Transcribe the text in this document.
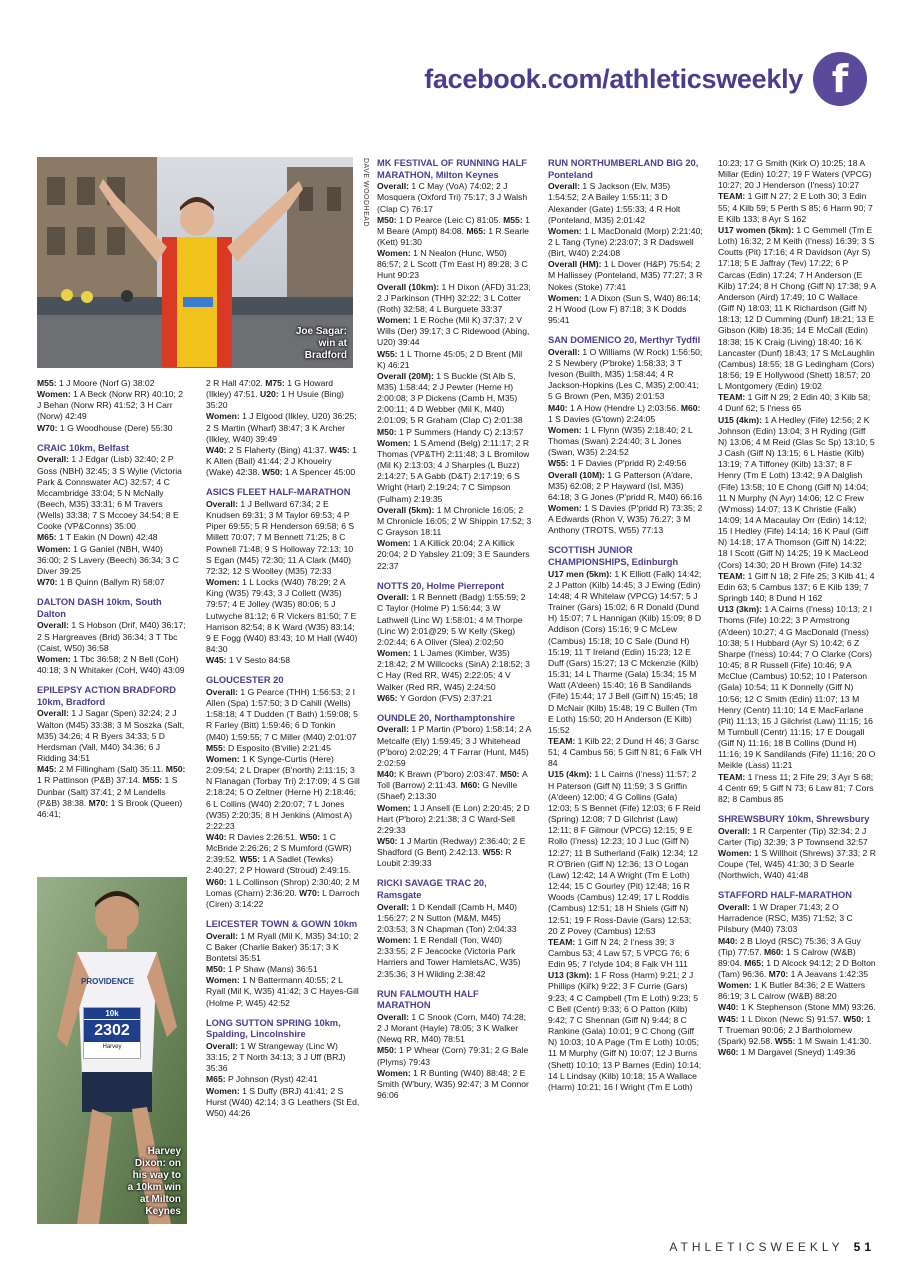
facebook.com/athleticsweekly f
Joe Sagar:
win at
Bradford
DAVE WOODHEAD
PROVIDENCE
10k
2302
Harvey
Harvey
Dixon: on
his way to
a 10km win
at Milton
Keynes

M55: 1 J Moore (Norf G) 38:02

Women: 1 A Beck (Norw RR) 40:10; 2 J Behan (Norw RR) 41:52; 3 H Carr (Norw) 42:49

W70: 1 G Woodhouse (Dere) 55:30

CRAIC 10km, Belfast

Overall: 1 J Edgar (Lisb) 32:40; 2 P Goss (NBH) 32:45; 3 S Wylie (Victoria Park & Connswater AC) 32:57; 4 C Mccambridge 33:04; 5 N McNally (Beech, M35) 33:31; 6 M Travers (Wells) 33:38; 7 S Mccoey 34:54; 8 E Cooke (VP&Conns) 35:00

M65: 1 T Eakin (N Down) 42:48

Women: 1 G Ganiel (NBH, W40) 36:00; 2 S Lavery (Beech) 36:34; 3 C Diver 39:25

W70: 1 B Quinn (Ballym R) 58:07

DALTON DASH 10km, South Dalton

Overall: 1 S Hobson (Drif, M40) 36:17; 2 S Hargreaves (Brid) 36:34; 3 T Tbc (Caist, W50) 36:58

Women: 1 Tbc 36:58; 2 N Bell (CoH) 40:18; 3 N Whitaker (CoH, W40) 43:09

EPILEPSY ACTION BRADFORD 10km, Bradford

Overall: 1 J Sagar (Spen) 32:24; 2 J Walton (M45) 33:38; 3 M Soszka (Salt, M35) 34:26; 4 R Byers 34:33; 5 D Herdsman (Vall, M40) 34:36; 6 J Ridding 34:51

M45: 2 M Fillingham (Salt) 35:11. M50: 1 R Pattinson (P&B) 37:14. M55: 1 S Dunbar (Salt) 37:41; 2 M Landells (P&B) 38:38. M70: 1 S Brook (Queen) 46:41;

2 R Hall 47:02. M75: 1 G Howard (Ilkley) 47:51. U20: 1 H Usuie (Bing) 35:20

Women: 1 J Elgood (Ilkley, U20) 36:25; 2 S Martin (Wharf) 38:47; 3 K Archer (Ilkley, W40) 39:49

W40: 2 S Flaherty (Bing) 41:37. W45: 1 K Allen (Bail) 41:44; 2 J Khoueiry (Wake) 42:38. W50: 1 A Spencer 45:00

ASICS FLEET HALF-MARATHON

Overall: 1 J Bellward 67:34; 2 E Knudsen 69:31; 3 M Taylor 69:53; 4 P Piper 69:55; 5 R Henderson 69:58; 6 S Millett 70:07; 7 M Bennett 71:25; 8 C Pownell 71:48; 9 S Holloway 72:13; 10 S Egan (M45) 72:30; 11 A Clark (M40) 72:32; 12 S Woolley (M35) 72:33

Women: 1 L Locks (W40) 78:29; 2 A King (W35) 79:43; 3 J Collett (W35) 79:57; 4 E Jolley (W35) 80:06; 5 J Lutwyche 81:12; 6 R Vickers 81:50; 7 E Harrison 82:54; 8 K Ward (W35) 83:14; 9 E Fogg (W40) 83:43; 10 M Hall (W40) 84:30

W45: 1 V Sesto 84:58

GLOUCESTER 20

Overall: 1 G Pearce (THH) 1:56:53; 2 I Allen (Spa) 1:57:50; 3 D Cahill (Wells) 1:58:18; 4 T Dudden (T Bath) 1:59:08; 5 R Farley (Bitt) 1:59:46; 6 D Tonkin (M40) 1:59:55; 7 C Miller (M40) 2:01:07

M55: D Esposito (B'ville) 2:21:45

Women: 1 K Synge-Curtis (Here) 2:09:54; 2 L Draper (B'north) 2:11:15; 3 N Flanagan (Torbay Tri) 2:17:09; 4 S Gill 2:18:24; 5 O Zeltner (Herne H) 2:18:46; 6 L Collins (W40) 2:20:07; 7 L Jones (W35) 2:20:35; 8 H Jenkins (Almost A) 2:22:23

W40: R Davies 2:26:51. W50: 1 C McBride 2:26:26; 2 S Mumford (GWR) 2:39:52. W55: 1 A Sadlet (Tewks) 2:40:27; 2 P Howard (Stroud) 2:49:15. W60: 1 L Collinson (Shrop) 2:30:40; 2 M Lomas (Charn) 2:36:20. W70: L Darroch (Ciren) 3:14:22

LEICESTER TOWN & GOWN 10km

Overall: 1 M Ryall (Mil K, M35) 34:10; 2 C Baker (Charlie Baker) 35:17; 3 K Bontetsi 35:51

M50: 1 P Shaw (Mans) 36:51

Women: 1 N Battermann 40:55; 2 L Ryall (Mil K, W35) 41:42; 3 C Hayes-Gill (Holme P, W45) 42:52

LONG SUTTON SPRING 10km, Spalding, Lincolnshire

Overall: 1 W Strangeway (Linc W) 33:15; 2 T North 34:13; 3 J Uff (BRJ) 35:36

M65: P Johnson (Ryst) 42:41

Women: 1 S Duffy (BRJ) 41:41; 2 S Hurst (W40) 42:14; 3 G Leathers (St Ed, W50) 44:26

MK FESTIVAL OF RUNNING HALF MARATHON, Milton Keynes

Overall: 1 C May (VoA) 74:02; 2 J Mosquera (Oxford Tri) 75:17; 3 J Walsh (Clap C) 76:17

M50: 1 D Pearce (Leic C) 81:05. M55: 1 M Beare (Ampt) 84:08. M65: 1 R Searle (Kett) 91:30

Women: 1 N Nealon (Hunc, W50) 86:57; 2 L Scott (Tm East H) 89:28; 3 C Hunt 90:23

Overall (10km): 1 H Dixon (AFD) 31:23; 2 J Parkinson (THH) 32:22; 3 L Cotter (Roth) 32:58; 4 L Burguete 33:37

Women: 1 E Roche (Mil K) 37:37; 2 V Wills (Der) 39:17; 3 C Ridewood (Abing, U20) 39:44

W55: 1 L Thorne 45:05; 2 D Brent (Mil K) 46:21

Overall (20M): 1 S Buckle (St Alb S, M35) 1:58:44; 2 J Pewter (Herne H) 2:00:08; 3 P Dickens (Camb H, M35) 2:00:11; 4 D Webber (Mil K, M40) 2:01:09; 5 R Graham (Clap C) 2:01:38

M50: 1 P Summers (Handy C) 2:13:57

Women: 1 S Amend (Belg) 2:11:17; 2 R Thomas (VP&TH) 2:11:48; 3 L Bromilow (Mil K) 2:13:03; 4 J Sharples (L Buzz) 2:14:27; 5 A Gabb (D&T) 2:17:19; 6 S Wright (Harl) 2:19:24; 7 C Simpson (Fulham) 2:19:35

Overall (5km): 1 M Chronicle 16:05; 2 M Chronicle 16:05; 2 W Shippin 17:52; 3 C Grayson 18:11

Women: 1 A Killick 20:04; 2 A Killick 20:04; 2 D Yabsley 21:09; 3 E Saunders 22:37

NOTTS 20, Holme Pierrepont

Overall: 1 R Bennett (Badg) 1:55:59; 2 C Taylor (Holme P) 1:56:44; 3 W Lathwell (Linc W) 1:58:01; 4 M Thorpe (Linc W) 2:01@29; 5 W Kelly (Skeg) 2:02:44; 6 A Oliver (Slea) 2:02;50

Women: 1 L James (Kimber, W35) 2:18:42; 2 M Willcocks (SinA) 2:18:52; 3 C Hay (Red RR, W45) 2:22:05; 4 V Walker (Red RR, W45) 2:24:50

W65: Y Gordon (FVS) 2:37:21

OUNDLE 20, Northamptonshire

Overall: 1 P Martin (P'boro) 1:58:14; 2 A Metcalfe (Ely) 1:59:45; 3 J Whitehead (P'boro) 2:02:29; 4 T Farrar (Hunt, M45) 2:02:59

M40: K Brawn (P'boro) 2:03:47. M50: A Toll (Barrow) 2:11:43. M60: G Neville (Shaef) 2:13:30

Women: 1 J Ansell (E Lon) 2:20:45; 2 D Hart (P'boro) 2:21:38; 3 C Ward-Sell 2:29:33

W50: 1 J Martin (Redway) 2:36:40; 2 E Shadford (G Bent) 2:42:13. W55: R Loubit 2:39:33

RICKI SAVAGE TRAC 20, Ramsgate

Overall: 1 D Kendall (Camb H, M40) 1:56:27; 2 N Sutton (M&M, M45) 2:03:53; 3 N Chapman (Ton) 2:04:33

Women: 1 E Rendall (Ton, W40) 2:33:55; 2 F Jeacocke (Victoria Park Harriers and Tower HamletsAC, W35) 2:35:36; 3 H Wilding 2:38:42

RUN FALMOUTH HALF MARATHON

Overall: 1 C Snook (Corn, M40) 74:28; 2 J Morant (Hayle) 78:05; 3 K Walker (Newq RR, M40) 78:51

M50: 1 P Whear (Corn) 79:31; 2 G Bale (Plyms) 79:43

Women: 1 R Bunting (W40) 88:48; 2 E Smith (W'bury, W35) 92:47; 3 M Connor 96:06

RUN NORTHUMBERLAND BIG 20, Ponteland

Overall: 1 S Jackson (Elv, M35) 1:54:52; 2 A Bailey 1:55:11; 3 D Alexander (Gate) 1:55:33; 4 R Holt (Ponteland, M35) 2:01:42

Women: 1 L MacDonald (Morp) 2:21:40; 2 L Tang (Tyne) 2:23:07; 3 R Dadswell (Birt, W40) 2:24:08

Overall (HM): 1 L Dover (H&P) 75:54; 2 M Hallissey (Ponteland, M35) 77:27; 3 R Nokes (Stoke) 77:41

Women: 1 A Dixon (Sun S, W40) 86:14; 2 H Wood (Low F) 87:18; 3 K Dodds 95:41

SAN DOMENICO 20, Merthyr Tydfil

Overall: 1 O Williams (W Rock) 1:56:50; 2 S Newbery (P'broke) 1:58:33; 3 T Iveson (Builth, M35) 1:58:44; 4 R Jackson-Hopkins (Les C, M35) 2:00:41; 5 G Brown (Pen, M35) 2:01:53

M40: 1 A How (Hendre L) 2:03:56. M60: 1 S Davies (G'town) 2:24:05

Women: 1 L Flynn (W35) 2:18:40; 2 L Thomas (Swan) 2:24:40; 3 L Jones (Swan, W35) 2:24:52

W55: 1 F Davies (P'pridd R) 2:49:56

Overall (10M): 1 G Patterson (A'dare, M35) 62:08; 2 P Hayward (Isl, M35) 64:18; 3 G Jones (P'pridd R, M40) 66:16

Women: 1 S Davies (P'pridd R) 73:35; 2 A Edwards (Rhon V, W35) 76:27; 3 M Anthony (TROTS, W55) 77:13

SCOTTISH JUNIOR CHAMPIONSHIPS, Edinburgh

U17 men (5km): 1 K Elliott (Falk) 14:42; 2 J Patton (Kilb) 14:45; 3 J Ewing (Edin) 14:48; 4 R Whitelaw (VPCG) 14:57; 5 J Trainer (Gars) 15:02; 6 R Donald (Dund H) 15:07; 7 L Hannigan (Kilb) 15:09; 8 D Addison (Cors) 15:16; 9 C McLew (Cambus) 15:18; 10 C Sale (Dund H) 15:19; 11 T Ireland (Edin) 15:23; 12 E Duff (Gars) 15:27; 13 C Mckenzie (Kilb) 15:31; 14 L Tharme (Gala) 15:34; 15 M Watt (A'deen) 15:40; 16 B Sandilands (Fife) 15:44; 17 J Bell (Giff N) 15:45; 18 D McNair (Kilb) 15:48; 19 C Bullen (Tm E Loth) 15:50; 20 H Anderson (E Kilb) 15:52

TEAM: 1 Kilb 22; 2 Dund H 46; 3 Garsc 51; 4 Cambus 56; 5 Giff N 81; 6 Falk VH 84

U15 (4km): 1 L Cairns (I'ness) 11:57; 2 H Paterson (Giff N) 11:59; 3 S Griffin (A'deen) 12:00; 4 G Collins (Gala) 12:03; 5 S Bennet (Fife) 12:03; 6 F Reid (Spring) 12:08; 7 D Gilchrist (Law) 12:11; 8 F Gilmour (VPCG) 12:15; 9 E Rollo (I'ness) 12:23; 10 J Luc (Giff N) 12:27; 11 B Sutherland (Falk) 12:34; 12 R O'Brien (Giff N) 12:36; 13 O Logan (Law) 12:42; 14 A Wright (Tm E Loth) 12:44; 15 C Gourley (Pit) 12:48; 16 R Woods (Cambus) 12:49; 17 L Roddis (Cambus) 12:51; 18 H Shiels (Giff N) 12:51; 19 F Ross-Davie (Gars) 12:53; 20 Z Povey (Cambus) 12:53

TEAM: 1 Giff N 24; 2 I'ness 39; 3 Cambus 53; 4 Law 57; 5 VPCG 76; 6 Edin 95; 7 I'clyde 104; 8 Falk VH 111

U13 (3km): 1 F Ross (Harm) 9:21; 2 J Phillips (Kil'k) 9:22; 3 F Currie (Gars) 9:23; 4 C Campbell (Tm E Loth) 9:23; 5 C Bell (Centr) 9:33; 6 O Patton (Kilb) 9:42; 7 C Shennan (Giff N) 9:44; 8 C Rankine (Gala) 10:01; 9 C Chong (Giff N) 10:03; 10 A Page (Tm E Loth) 10:05; 11 M Murphy (Giff N) 10:07; 12 J Burns (Shett) 10:10; 13 P Barnes (Edin) 10:14; 14 L Lindsay (Kilb) 10:18; 15 A Wallace (Harm) 10:21; 16 I Wright (Tm E Loth)

10:23; 17 G Smith (Kirk O) 10:25; 18 A Millar (Edin) 10:27; 19 F Waters (VPCG) 10:27; 20 J Henderson (I'ness) 10:27

TEAM: 1 Giff N 27; 2 E Loth 30; 3 Edin 55; 4 Kilb 59; 5 Perth S 85; 6 Harm 90; 7 E Kilb 133; 8 Ayr S 162

U17 women (5km): 1 C Gemmell (Tm E Loth) 16:32; 2 M Keith (I'ness) 16:39; 3 S Coutts (Pit) 17:16; 4 R Davidson (Ayr S) 17:18; 5 E Jaffray (Tev) 17:22; 6 P Carcas (Edin) 17:24; 7 H Anderson (E Kilb) 17:24; 8 H Chong (Giff N) 17:38; 9 A Anderson (Aird) 17:49; 10 C Wallace (Giff N) 18:03; 11 K Richardson (Giff N) 18:13; 12 D Cumming (Dunf) 18:21; 13 E Gibson (Kilb) 18:35; 14 E McCall (Edin) 18:38; 15 K Craig (Living) 18:40; 16 K Lancaster (Dunf) 18:43; 17 S McLaughlin (Cambus) 18:55; 18 G Ledingham (Cors) 18:56; 19 E Hollywood (Shett) 18:57; 20 L Montgomery (Edin) 19:02

TEAM: 1 Giff N 29; 2 Edin 40; 3 Kilb 58; 4 Dunf 62; 5 I'ness 65

U15 (4km): 1 A Hedley (Fife) 12:56; 2 K Johnson (Edin) 13:04; 3 H Ryding (Giff N) 13:06; 4 M Reid (Glas Sc Sp) 13:10; 5 J Cash (Giff N) 13:15; 6 L Hastie (Kilb) 13:19; 7 A Tiffoney (Kilb) 13:37; 8 F Henry (Tm E Loth) 13:42; 9 A Dalglish (Fife) 13:58; 10 E Chong (Giff N) 14:04; 11 N Murphy (N Ayr) 14:06; 12 C Frew (W'moss) 14:07; 13 K Christie (Falk) 14:09; 14 A Macaulay Orr (Edin) 14:12; 15 I Hedley (Fife) 14:14; 16 K Paul (Giff N) 14:18; 17 A Thomson (Giff N) 14:22; 18 I Scott (Giff N) 14:25; 19 K MacLeod (Cors) 14:30; 20 H Brown (Fife) 14:32

TEAM: 1 Giff N 18; 2 Fife 25; 3 Kilb 41; 4 Edin 63; 5 Cambus 137; 6 E Kilb 139; 7 Springb 140; 8 Dund H 162

U13 (3km): 1 A Cairns (I'ness) 10:13; 2 I Thoms (Fife) 10:22; 3 P Armstrong (A'deen) 10:27; 4 G MacDonald (I'ness) 10:38; 5 I Hubbard (Ayr S) 10:42; 6 Z Sharpe (I'ness) 10:44; 7 O Clarke (Cors) 10:45; 8 R Russell (Fife) 10:46; 9 A McClue (Cambus) 10:52; 10 I Paterson (Gala) 10:54; 11 K Donnelly (Giff N) 10:56; 12 C Smith (Edin) 11:07; 13 M Henry (Centr) 11:10; 14 E MacFarlane (Pit) 11:13; 15 J Gilchrist (Law) 11:15; 16 M Turnbull (Centr) 11:15; 17 E Dougall (Giff N) 11:16; 18 B Collins (Dund H) 11:16; 19 K Sandilands (Fife) 11:16; 20 O Meikle (Lass) 11:21

TEAM: 1 I'ness 11; 2 Fife 29; 3 Ayr S 68; 4 Centr 69; 5 Giff N 73; 6 Law 81; 7 Cors 82; 8 Cambus 85

SHREWSBURY 10km, Shrewsbury

Overall: 1 R Carpenter (Tip) 32:34; 2 J Carter (Tip) 32:39; 3 P Townsend 32:57

Women: 1 S Willhoit (Shrews) 37:33; 2 R Coupe (Tel, W45) 41:30; 3 D Searle (Northwich, W40) 41:48

STAFFORD HALF-MARATHON

Overall: 1 W Draper 71:43; 2 O Harradence (RSC, M35) 71:52; 3 C Pilsbury (M40) 73:03

M40: 2 B Lloyd (RSC) 75:36; 3 A Guy (Tip) 77:57. M60: 1 S Calrow (W&B) 89:04. M65: 1 D Alcock 94:12; 2 D Bolton (Tam) 96:36. M70: 1 A Jeavans 1:42:35

Women: 1 K Butler 84:36; 2 E Watters 86:19; 3 L Calrow (W&B) 88:20

W40: 1 K Stephenson (Stone MM) 93:26. W45: 1 L Dixon (Newc S) 91:57. W50: 1 T Trueman 90:06; 2 J Bartholomew (Spark) 92.58. W55: 1 M Swain 1:41:30. W60: 1 M Dargavel (Sneyd) 1:49:36

ATHLETICSWEEKLY 51
